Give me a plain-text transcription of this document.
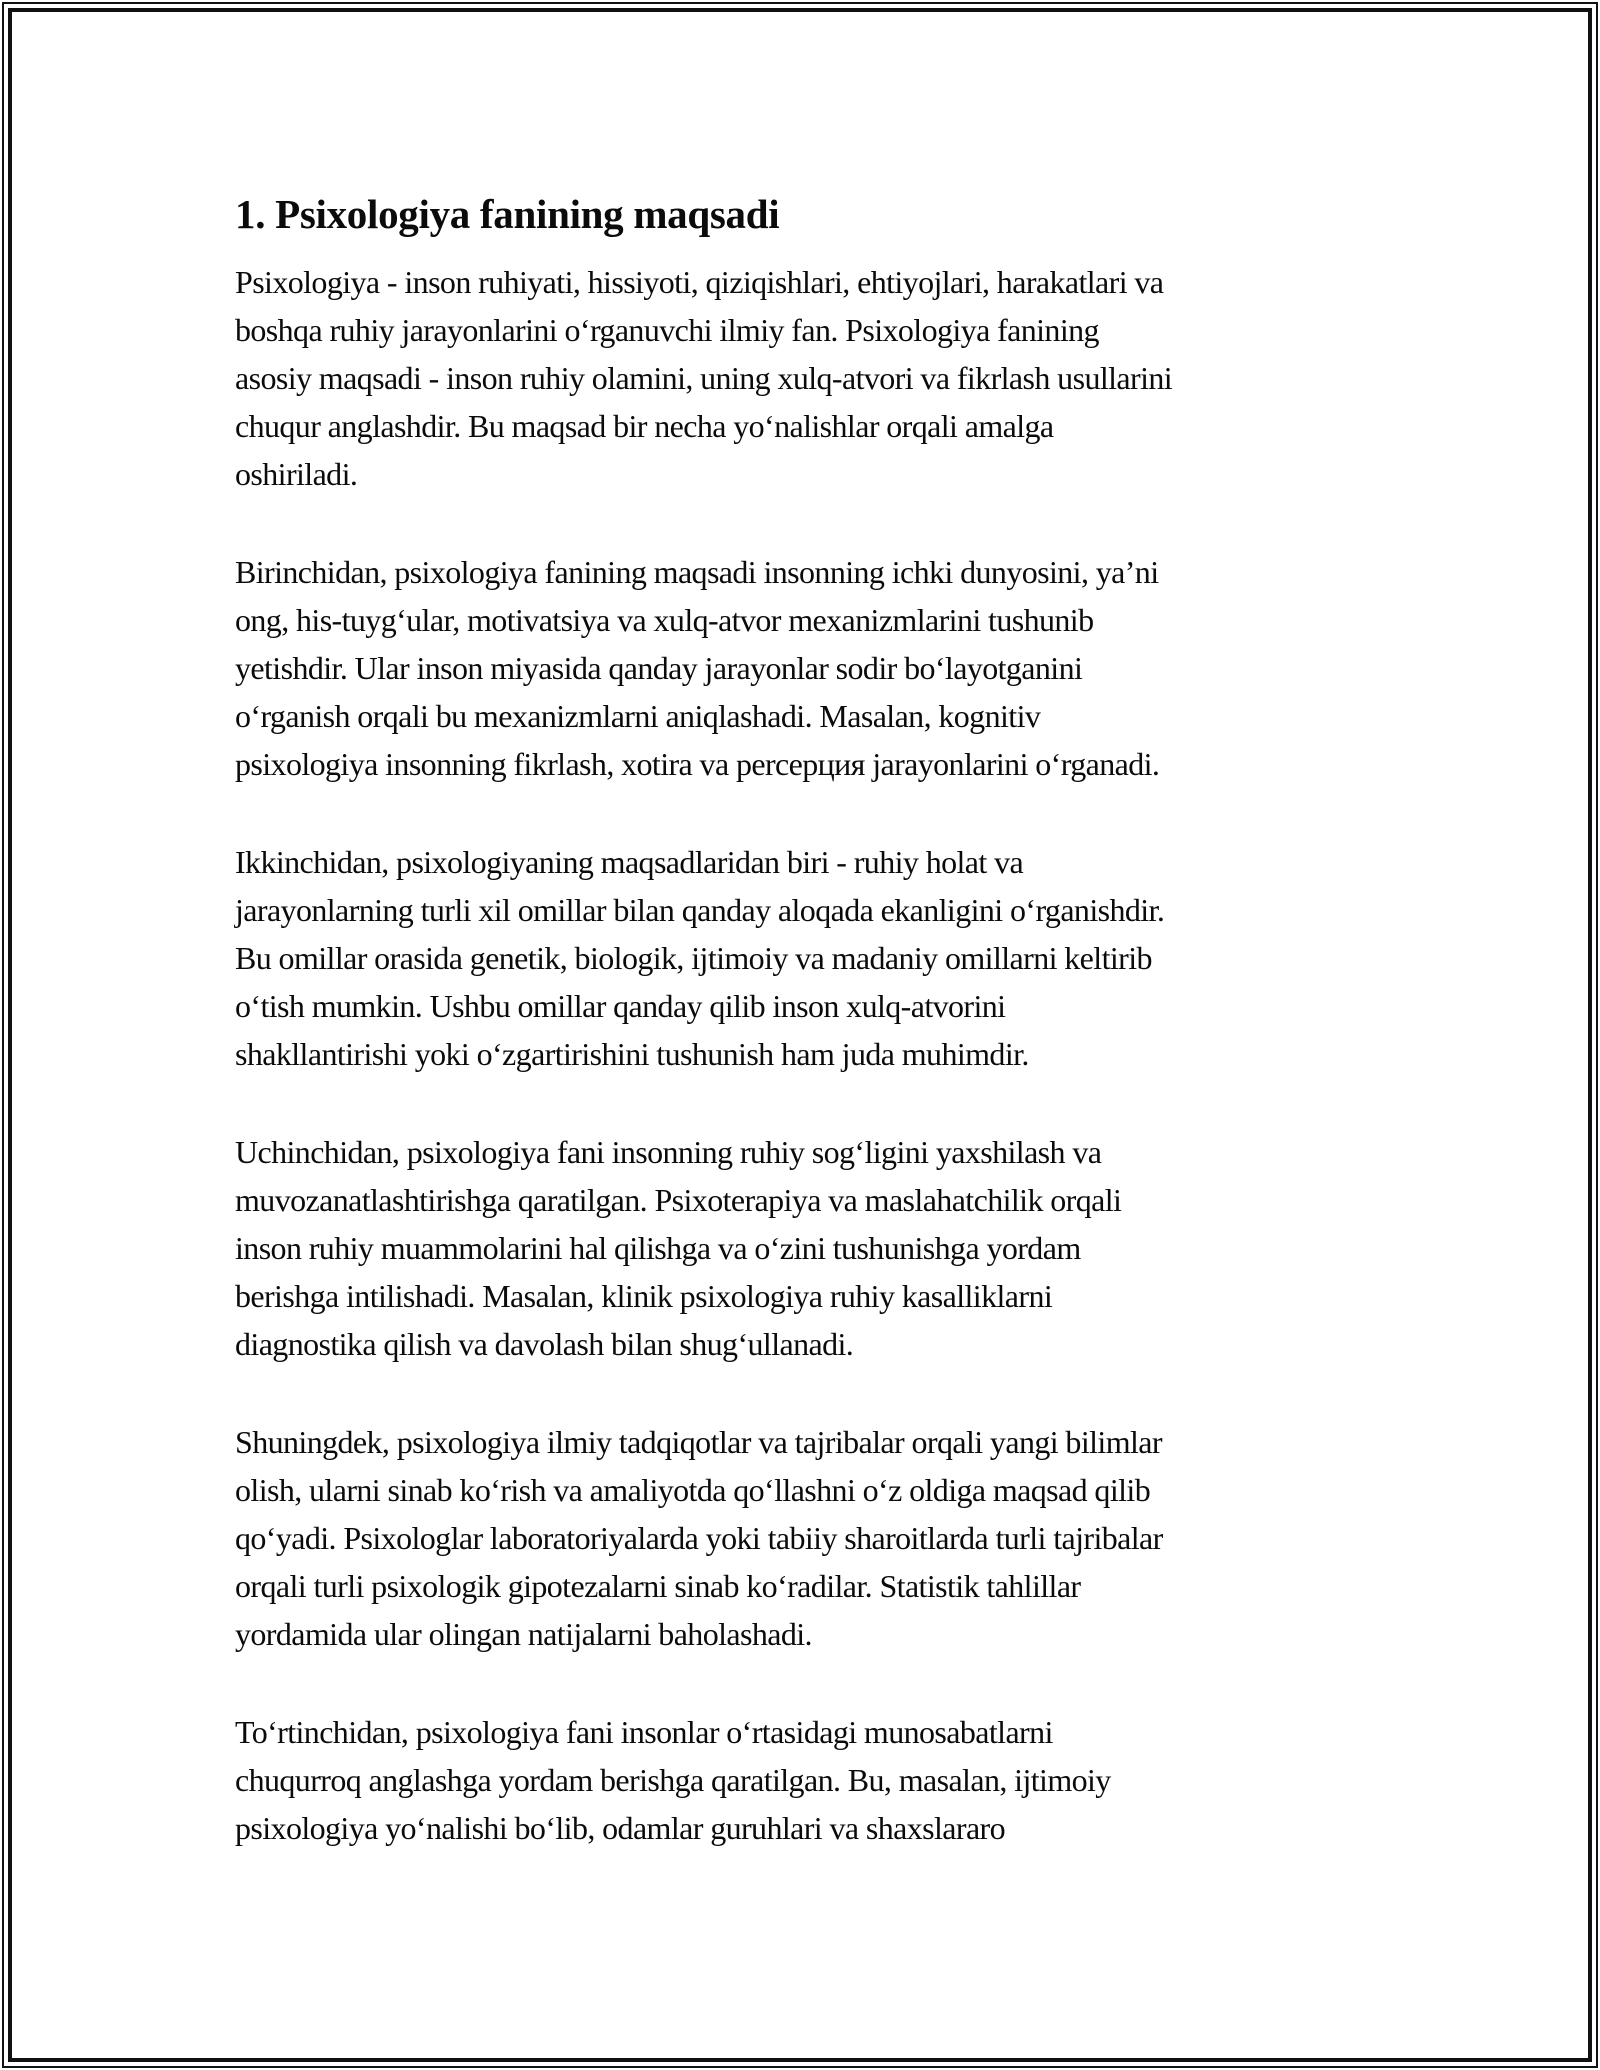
1. Psixologiya fanining maqsadi
Psixologiya - inson ruhiyati, hissiyoti, qiziqishlari, ehtiyojlari, harakatlari va
boshqa ruhiy jarayonlarini o‘rganuvchi ilmiy fan. Psixologiya fanining
asosiy maqsadi - inson ruhiy olamini, uning xulq-atvori va fikrlash usullarini
chuqur anglashdir. Bu maqsad bir necha yo‘nalishlar orqali amalga
oshiriladi.
Birinchidan, psixologiya fanining maqsadi insonning ichki dunyosini, ya’ni
ong, his-tuyg‘ular, motivatsiya va xulq-atvor mexanizmlarini tushunib
yetishdir. Ular inson miyasida qanday jarayonlar sodir bo‘layotganini
o‘rganish orqali bu mexanizmlarni aniqlashadi. Masalan, kognitiv
psixologiya insonning fikrlash, xotira va percepция jarayonlarini o‘rganadi.
Ikkinchidan, psixologiyaning maqsadlaridan biri - ruhiy holat va
jarayonlarning turli xil omillar bilan qanday aloqada ekanligini o‘rganishdir.
Bu omillar orasida genetik, biologik, ijtimoiy va madaniy omillarni keltirib
o‘tish mumkin. Ushbu omillar qanday qilib inson xulq-atvorini
shakllantirishi yoki o‘zgartirishini tushunish ham juda muhimdir.
Uchinchidan, psixologiya fani insonning ruhiy sog‘ligini yaxshilash va
muvozanatlashtirishga qaratilgan. Psixoterapiya va maslahatchilik orqali
inson ruhiy muammolarini hal qilishga va o‘zini tushunishga yordam
berishga intilishadi. Masalan, klinik psixologiya ruhiy kasalliklarni
diagnostika qilish va davolash bilan shug‘ullanadi.
Shuningdek, psixologiya ilmiy tadqiqotlar va tajribalar orqali yangi bilimlar
olish, ularni sinab ko‘rish va amaliyotda qo‘llashni o‘z oldiga maqsad qilib
qo‘yadi. Psixologlar laboratoriyalarda yoki tabiiy sharoitlarda turli tajribalar
orqali turli psixologik gipotezalarni sinab ko‘radilar. Statistik tahlillar
yordamida ular olingan natijalarni baholashadi.
To‘rtinchidan, psixologiya fani insonlar o‘rtasidagi munosabatlarni
chuqurroq anglashga yordam berishga qaratilgan. Bu, masalan, ijtimoiy
psixologiya yo‘nalishi bo‘lib, odamlar guruhlari va shaxslararo
